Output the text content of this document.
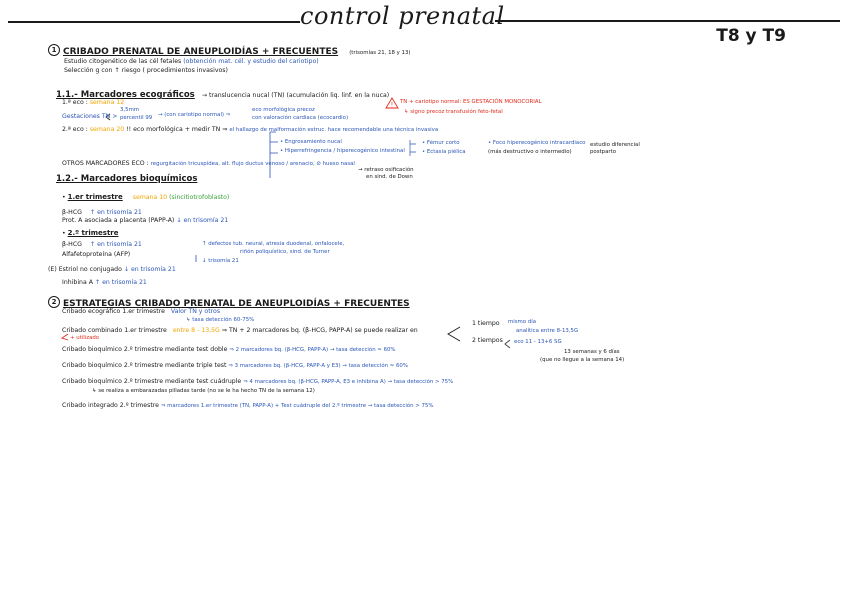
!
control prenatal
T8 y T9
1 CRIBADO PRENATAL DE ANEUPLOIDÍAS + FRECUENTES (trisomías 21, 18 y 13)
Estudio citogenético de las cél fetales (obtención mat. cél. y estudio del cariotipo)
Selección g con ↑ riesgo ( procedimientos invasivos)
1.1.- Marcadores ecográficos → translucencia nucal (TN) (acumulación liq. linf. en la nuca)
1.ª eco : semana 12
Gestaciones TN >
3,5mm
percentil 99 → (con cariotipo normal) ⇒
eco morfológica precoz
con valoración cardiaca (ecocardio)
TN + cariotipo normal: ES GESTACIÓN MONOCORIAL
↳ signo precoz transfusión feto-fetal
2.ª eco : semana 20 !! eco morfológica + medir TN ⇒ el hallazgo de malformación estruc. hace recomendable una técnica invasiva
• Engrosamiento nucal
• Hiperrefringencia / hiperecogénico intestinal
• Fémur corto
• Ectasia piélica
• Foco hiperecogénico intracardiaco
(más destructivo o intermedio)
estudio diferencial postparto
OTROS MARCADORES ECO : regurgitación tricuspídea, alt. flujo ductus venoso / arenacio, ⊘ hueso nasal
→ retraso osificación
en sind. de Down
1.2.- Marcadores bioquímicos
• 1.er trimestre semana 10 (sincitiotrofoblasto)
β-HCG ↑ en trisomía 21
Prot. A asociada a placenta (PAPP-A) ↓ en trisomía 21
• 2.º trimestre
β-HCG ↑ en trisomía 21
Alfafetoproteína (AFP)
↑ defectos tub. neural, atresia duodenal, onfalocele,
riñón poliquístico, sind. de Turner
↓ trisomía 21
(E) Estriol no conjugado ↓ en trisomía 21
Inhibina A ↑ en trisomía 21
2 ESTRATEGIAS CRIBADO PRENATAL DE ANEUPLOIDÍAS + FRECUENTES
Cribado ecográfico 1.er trimestre Valor TN y otros
↳ tasa detección 60-75%
Cribado combinado 1.er trimestre entre 8 - 13,5G ⇒ TN + 2 marcadores bq. (β-HCG, PAPP-A) se puede realizar en
+ utilizado
1 tiempo mismo día
analítica entre 8-13,5G
2 tiempos eco 11 - 13+6 SG
13 semanas y 6 días
(que no llegue a la semana 14)
Cribado bioquímico 2.º trimestre mediante test doble ⇒ 2 marcadores bq. (β-HCG, PAPP-A) → tasa detección ≈ 60%
Cribado bioquímico 2.º trimestre mediante triple test ⇒ 3 marcadores bq. (β-HCG, PAPP-A y E3) → tasa detección ≈ 60%
Cribado bioquímico 2.º trimestre mediante test cuádruple ⇒ 4 marcadores bq. (β-HCG, PAPP-A, E3 e inhibina A) → tasa detección > 75%
↳ se realiza a embarazadas pilladas tarde (no se le ha hecho TN de la semana 12)
Cribado integrado 2.º trimestre ⇒ marcadores 1.er trimestre (TN, PAPP-A) + Test cuádruple del 2.º trimestre → tasa detección > 75%
